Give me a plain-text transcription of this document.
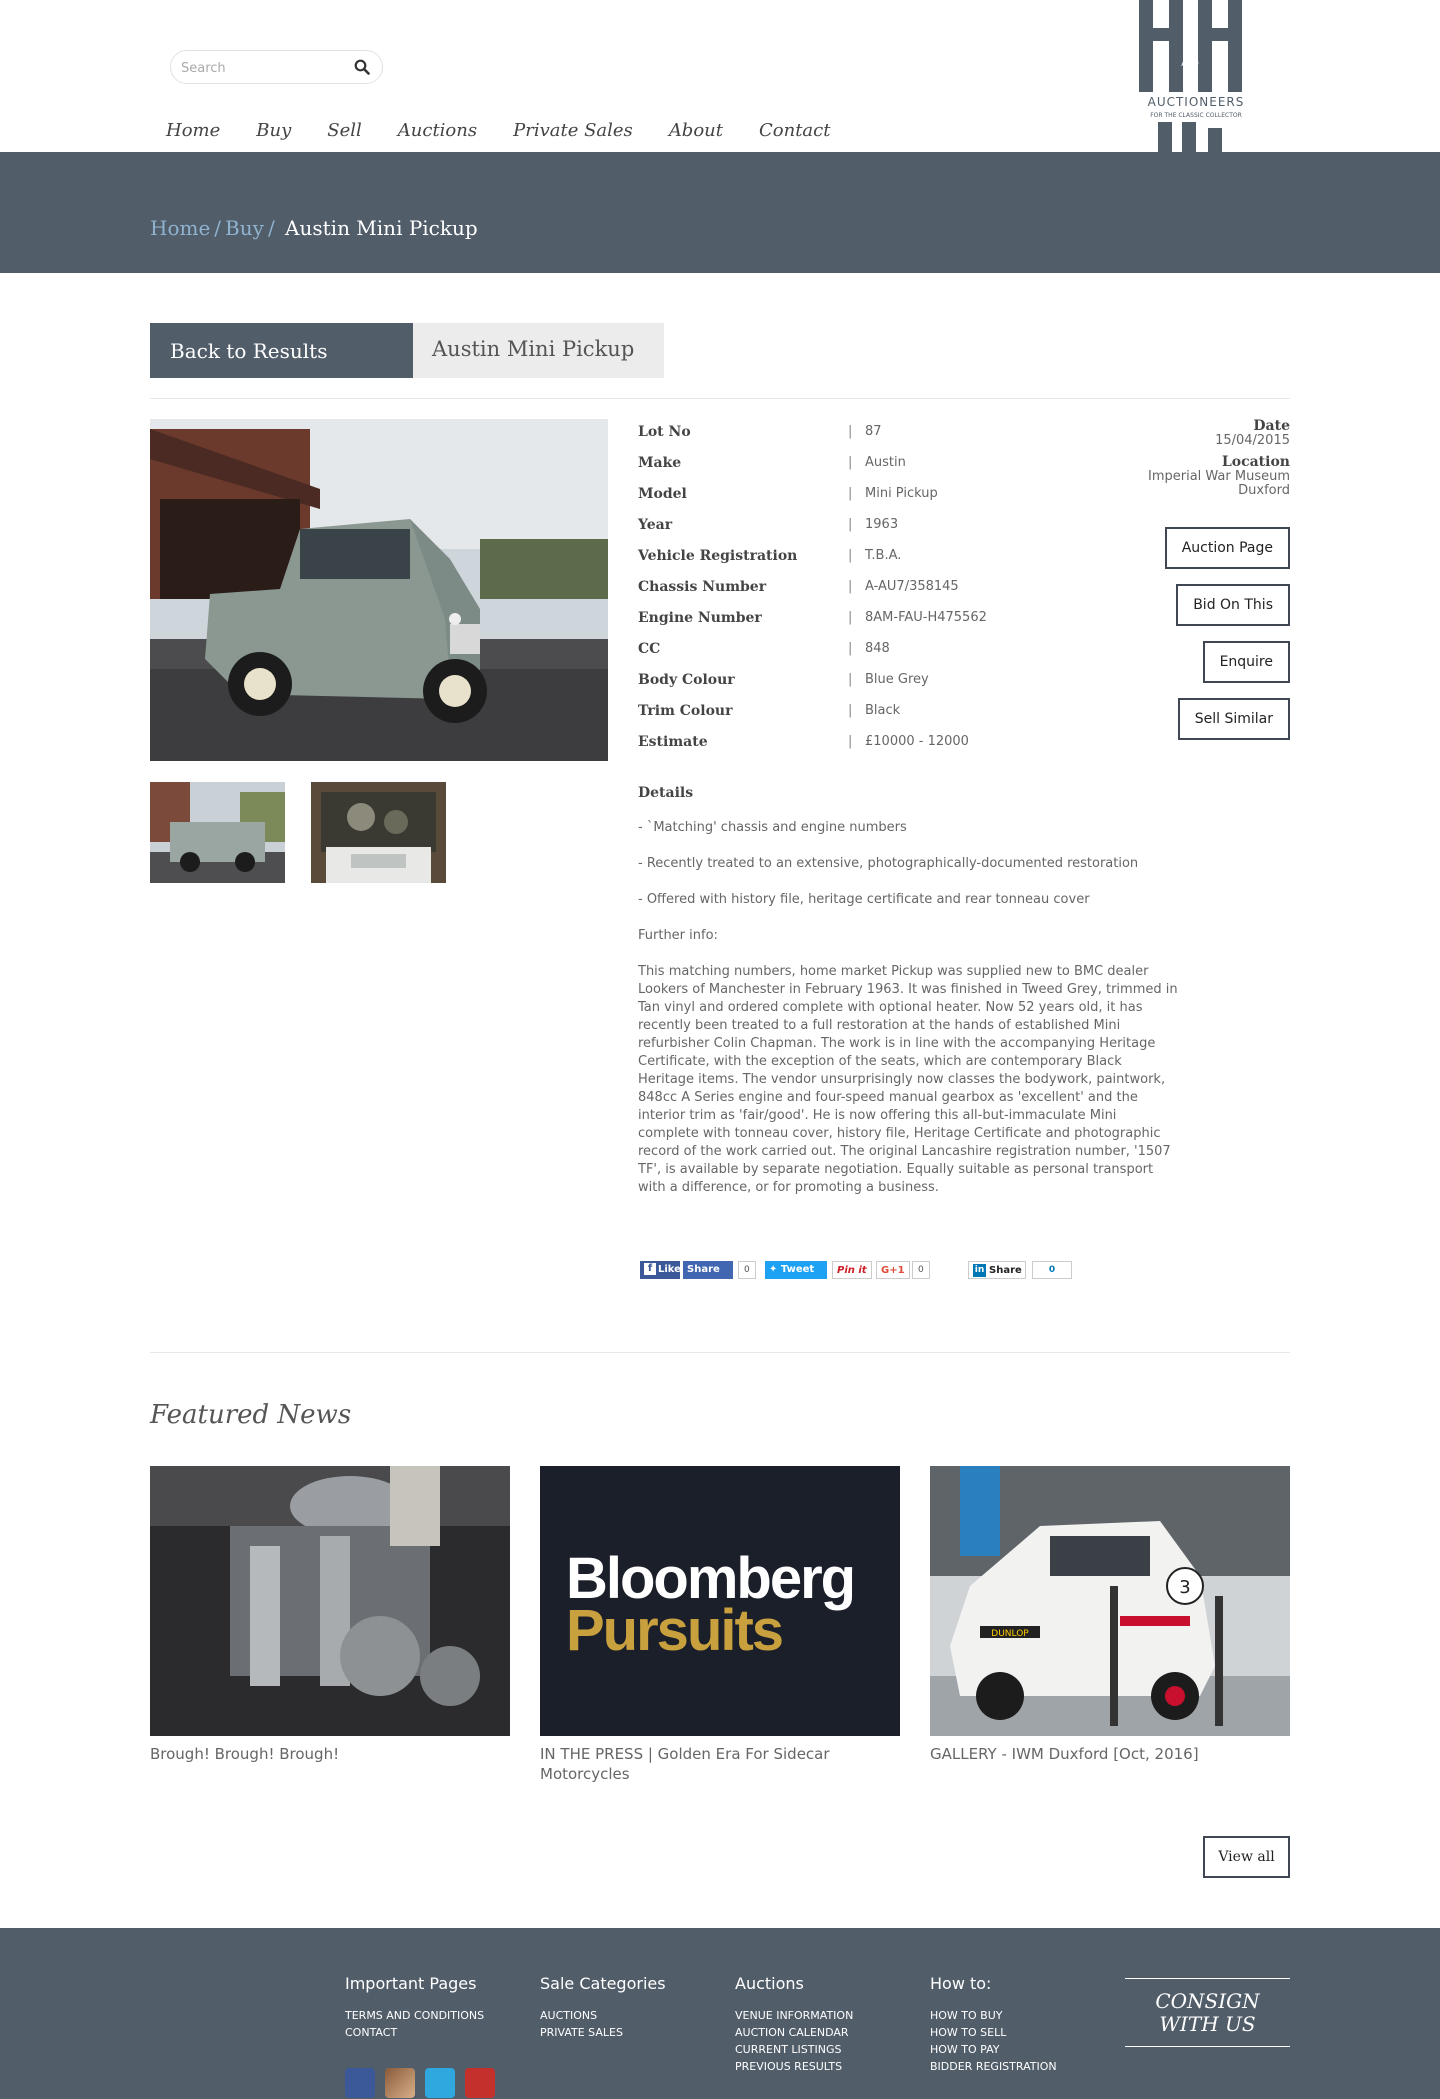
Search
Home Buy Sell Auctions Private Sales About Contact
AND
AUCTIONEERS
FOR THE CLASSIC COLLECTOR
Home / Buy / Austin Mini Pickup
Back to Results	Austin Mini Pickup
Lot No	| 87
Make	| Austin
Model	| Mini Pickup
Year	| 1963
Vehicle Registration	| T.B.A.
Chassis Number	| A-AU7/358145
Engine Number	| 8AM-FAU-H475562
CC	| 848
Body Colour	| Blue Grey
Trim Colour	| Black
Estimate	| £10000 - 12000
Date
15/04/2015
Location
Imperial War Museum
Duxford
Auction Page
Bid On This
Enquire
Sell Similar
Details

- `Matching' chassis and engine numbers

- Recently treated to an extensive, photographically-documented restoration

- Offered with history file, heritage certificate and rear tonneau cover

Further info:

This matching numbers, home market Pickup was supplied new to BMC dealer Lookers of Manchester in February 1963. It was finished in Tweed Grey, trimmed in Tan vinyl and ordered complete with optional heater. Now 52 years old, it has recently been treated to a full restoration at the hands of established Mini refurbisher Colin Chapman. The work is in line with the accompanying Heritage Certificate, with the exception of the seats, which are contemporary Black Heritage items. The vendor unsurprisingly now classes the bodywork, paintwork, 848cc A Series engine and four-speed manual gearbox as 'excellent' and the interior trim as 'fair/good'. He is now offering this all-but-immaculate Mini complete with tonneau cover, history file, Heritage Certificate and photographic record of the work carried out. The original Lancashire registration number, '1507 TF', is available by separate negotiation. Equally suitable as personal transport with a difference, or for promoting a business.

f Like Share	0	✦ Tweet	Pin it	G+1	0	in Share	0
Featured News
Brough! Brough! Brough!
Bloomberg
Pursuits
IN THE PRESS | Golden Era For Sidecar Motorcycles
DUNLOP
3
GALLERY - IWM Duxford [Oct, 2016]
View all
Important Pages
TERMS AND CONDITIONS
CONTACT
Sale Categories
AUCTIONS
PRIVATE SALES
Auctions
VENUE INFORMATION
AUCTION CALENDAR
CURRENT LISTINGS
PREVIOUS RESULTS
How to:
HOW TO BUY
HOW TO SELL
HOW TO PAY
BIDDER REGISTRATION
CONSIGN
WITH US
